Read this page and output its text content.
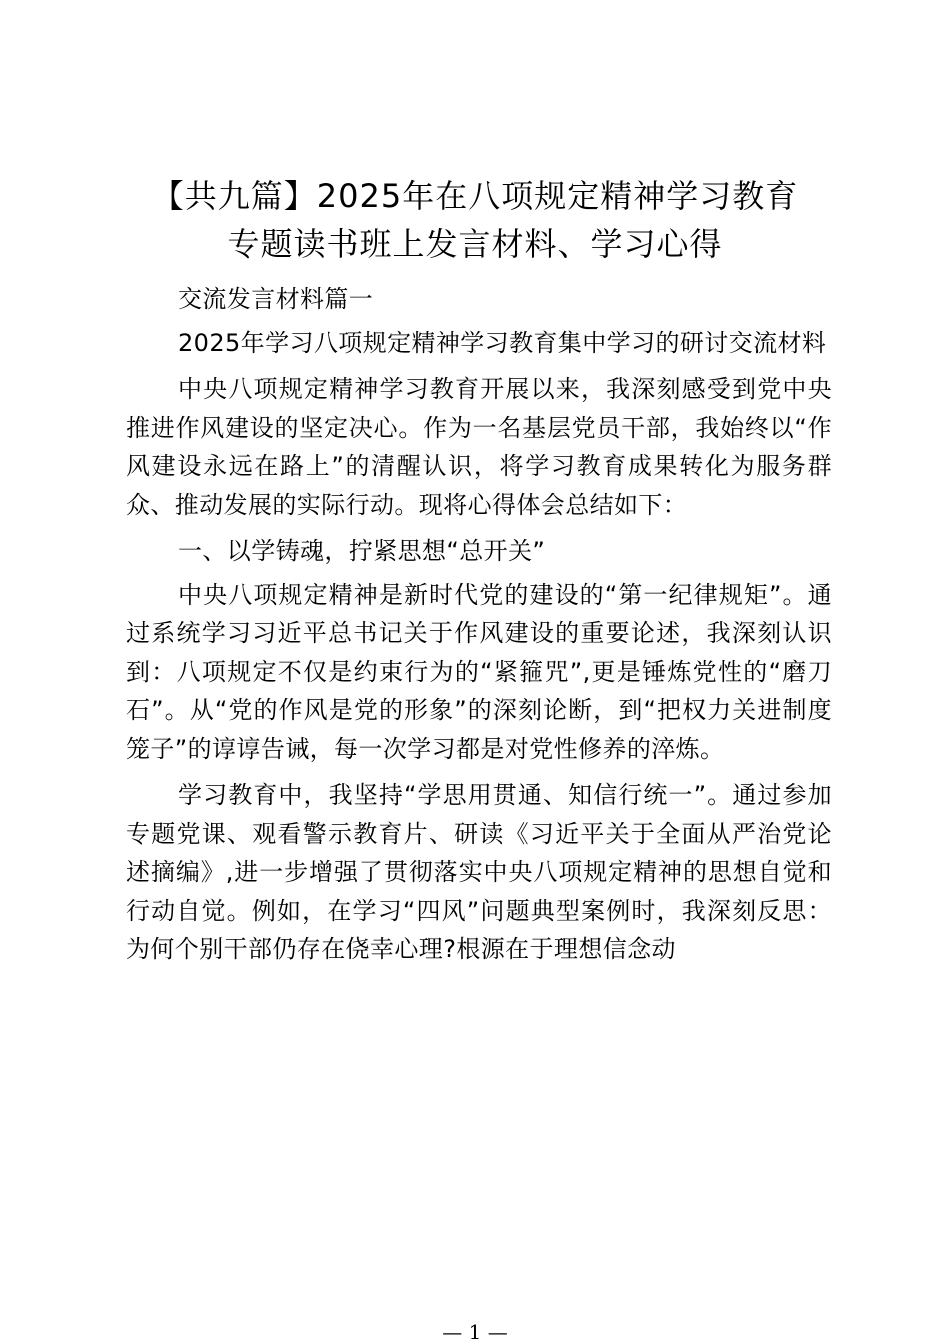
【共九篇】2025年在八项规定精神学习教育
专题读书班上发言材料、学习心得

交流发言材料篇一

2025年学习八项规定精神学习教育集中学习的研讨交流材料

中央八项规定精神学习教育开展以来，我深刻感受到党中央推进作风建设的坚定决心。作为一名基层党员干部，我始终以“作风建设永远在路上”的清醒认识，将学习教育成果转化为服务群众、推动发展的实际行动。现将心得体会总结如下：

一、以学铸魂，拧紧思想“总开关”

中央八项规定精神是新时代党的建设的“第一纪律规矩”。通过系统学习习近平总书记关于作风建设的重要论述，我深刻认识到：八项规定不仅是约束行为的“紧箍咒”,更是锤炼党性的“磨刀石”。从“党的作风是党的形象”的深刻论断，到“把权力关进制度笼子”的谆谆告诫，每一次学习都是对党性修养的淬炼。

学习教育中，我坚持“学思用贯通、知信行统一”。通过参加专题党课、观看警示教育片、研读《习近平关于全面从严治党论述摘编》,进一步增强了贯彻落实中央八项规定精神的思想自觉和行动自觉。例如，在学习“四风”问题典型案例时，我深刻反思：为何个别干部仍存在侥幸心理?根源在于理想信念动

— 1 —
